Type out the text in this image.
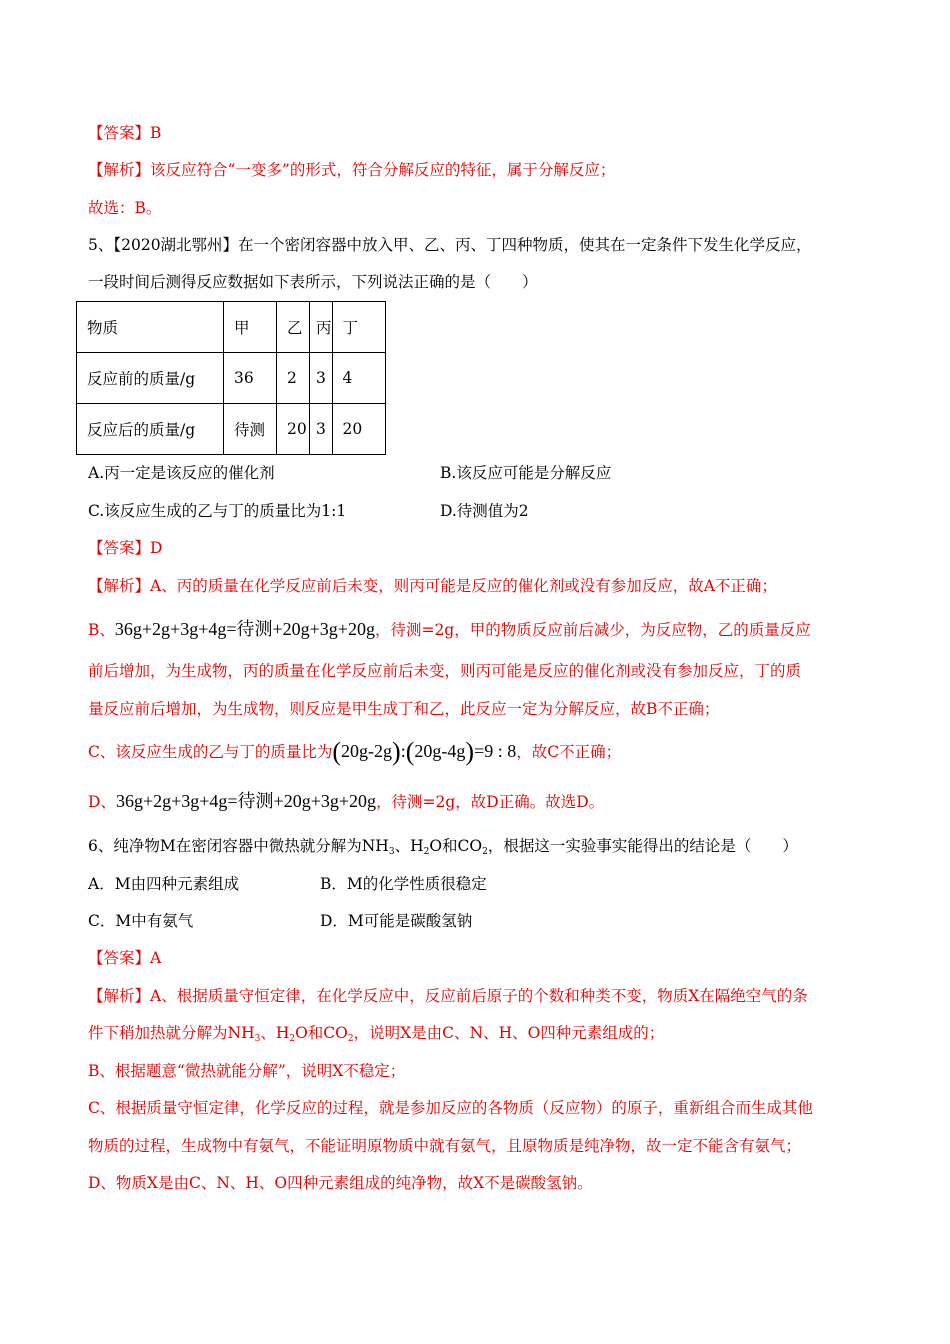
【答案】B
【解析】该反应符合“一变多”的形式，符合分解反应的特征，属于分解反应；
故选：B。
5、【2020湖北鄂州】在一个密闭容器中放入甲、乙、丙、丁四种物质，使其在一定条件下发生化学反应，
一段时间后测得反应数据如下表所示，下列说法正确的是（　　）
物质	甲	乙	丙	丁
反应前的质量/g	36	2	3	4
反应后的质量/g	待测	20	3	20
A.丙一定是该反应的催化剂	B.该反应可能是分解反应
C.该反应生成的乙与丁的质量比为1:1	D.待测值为2
【答案】D
【解析】A、丙的质量在化学反应前后未变，则丙可能是反应的催化剂或没有参加反应，故A不正确；
B、36g+2g+3g+4g=待测+20g+3g+20g，待测=2g，甲的物质反应前后减少，为反应物，乙的质量反应
前后增加，为生成物，丙的质量在化学反应前后未变，则丙可能是反应的催化剂或没有参加反应，丁的质
量反应前后增加，为生成物，则反应是甲生成丁和乙，此反应一定为分解反应，故B不正确；
C、该反应生成的乙与丁的质量比为(20g-2g):(20g-4g)=9 : 8，故C不正确；
D、36g+2g+3g+4g=待测+20g+3g+20g，待测=2g，故D正确。故选D。
6、纯净物M在密闭容器中微热就分解为$NH_3$、$H_2O$和$CO_2$，根据这一实验事实能得出的结论是（　　）
A．M由四种元素组成	B．M的化学性质很稳定
C．M中有氨气	D．M可能是碳酸氢钠
【答案】A
【解析】A、根据质量守恒定律，在化学反应中，反应前后原子的个数和种类不变，物质X在隔绝空气的条
件下稍加热就分解为$NH_3$、$H_2O$和$CO_2$，说明X是由C、N、H、O四种元素组成的；
B、根据题意“微热就能分解”，说明X不稳定；
C、根据质量守恒定律，化学反应的过程，就是参加反应的各物质（反应物）的原子，重新组合而生成其他
物质的过程，生成物中有氨气，不能证明原物质中就有氨气，且原物质是纯净物，故一定不能含有氨气；
D、物质X是由C、N、H、O四种元素组成的纯净物，故X不是碳酸氢钠。
